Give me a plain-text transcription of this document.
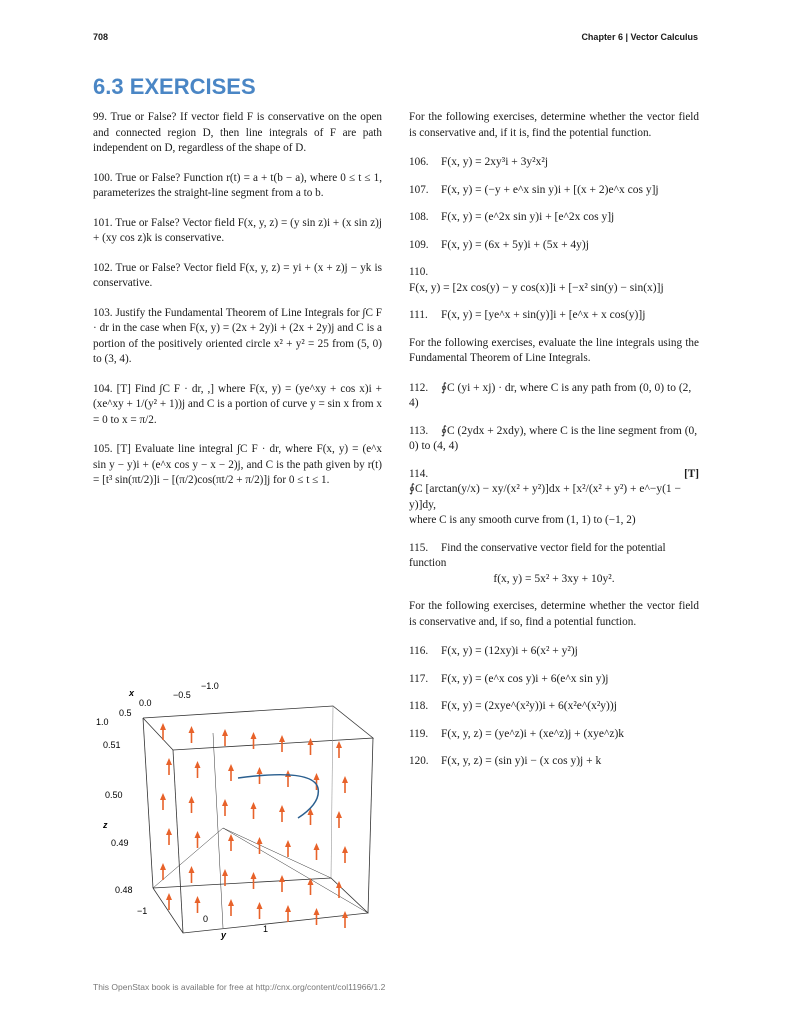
708	Chapter 6 | Vector Calculus
6.3 EXERCISES

99. True or False? If vector field F is conservative on the open and connected region D, then line integrals of F are path independent on D, regardless of the shape of D.

100. True or False? Function r(t) = a + t(b − a), where 0 ≤ t ≤ 1, parameterizes the straight-line segment from a to b.

101. True or False? Vector field F(x, y, z) = (y sin z)i + (x sin z)j + (xy cos z)k is conservative.

102. True or False? Vector field F(x, y, z) = yi + (x + z)j − yk is conservative.

103. Justify the Fundamental Theorem of Line Integrals for ∫C F · dr in the case when F(x, y) = (2x + 2y)i + (2x + 2y)j and C is a portion of the positively oriented circle x² + y² = 25 from (5, 0) to (3, 4).

104. [T] Find ∫C F · dr, ,] where F(x, y) = (ye^xy + cos x)i + (xe^xy + 1/(y² + 1))j and C is a portion of curve y = sin x from x = 0 to x = π/2.

105. [T] Evaluate line integral ∫C F · dr, where F(x, y) = (e^x sin y − y)i + (e^x cos y − x − 2)j, and C is the path given by r(t) = [t³ sin(πt/2)]i − [(π/2)cos(πt/2 + π/2)]j for 0 ≤ t ≤ 1.

x
−1.0
−0.5
0.0
0.5
1.0
0.51
0.50
z
0.49
0.48
−1
0
1
y

For the following exercises, determine whether the vector field is conservative and, if it is, find the potential function.

106. F(x, y) = 2xy³i + 3y²x²j
107. F(x, y) = (−y + e^x sin y)i + [(x + 2)e^x cos y]j
108. F(x, y) = (e^2x sin y)i + [e^2x cos y]j
109. F(x, y) = (6x + 5y)i + (5x + 4y)j
110.
F(x, y) = [2x cos(y) − y cos(x)]i + [−x² sin(y) − sin(x)]j
111. F(x, y) = [ye^x + sin(y)]i + [e^x + x cos(y)]j

For the following exercises, evaluate the line integrals using the Fundamental Theorem of Line Integrals.

112. ∮C (yi + xj) · dr, where C is any path from (0, 0) to (2, 4)
113. ∮C (2ydx + 2xdy), where C is the line segment from (0, 0) to (4, 4)
114.	[T]

∮C [arctan(y/x) − xy/(x² + y²)]dx + [x²/(x² + y²) + e^−y(1 − y)]dy,
where C is any smooth curve from (1, 1) to (−1, 2)
115. Find the conservative vector field for the potential function
f(x, y) = 5x² + 3xy + 10y².

For the following exercises, determine whether the vector field is conservative and, if so, find a potential function.

116. F(x, y) = (12xy)i + 6(x² + y²)j
117. F(x, y) = (e^x cos y)i + 6(e^x sin y)j
118. F(x, y) = (2xye^(x²y))i + 6(x²e^(x²y))j
119. F(x, y, z) = (ye^z)i + (xe^z)j + (xye^z)k
120. F(x, y, z) = (sin y)i − (x cos y)j + k
This OpenStax book is available for free at http://cnx.org/content/col11966/1.2
